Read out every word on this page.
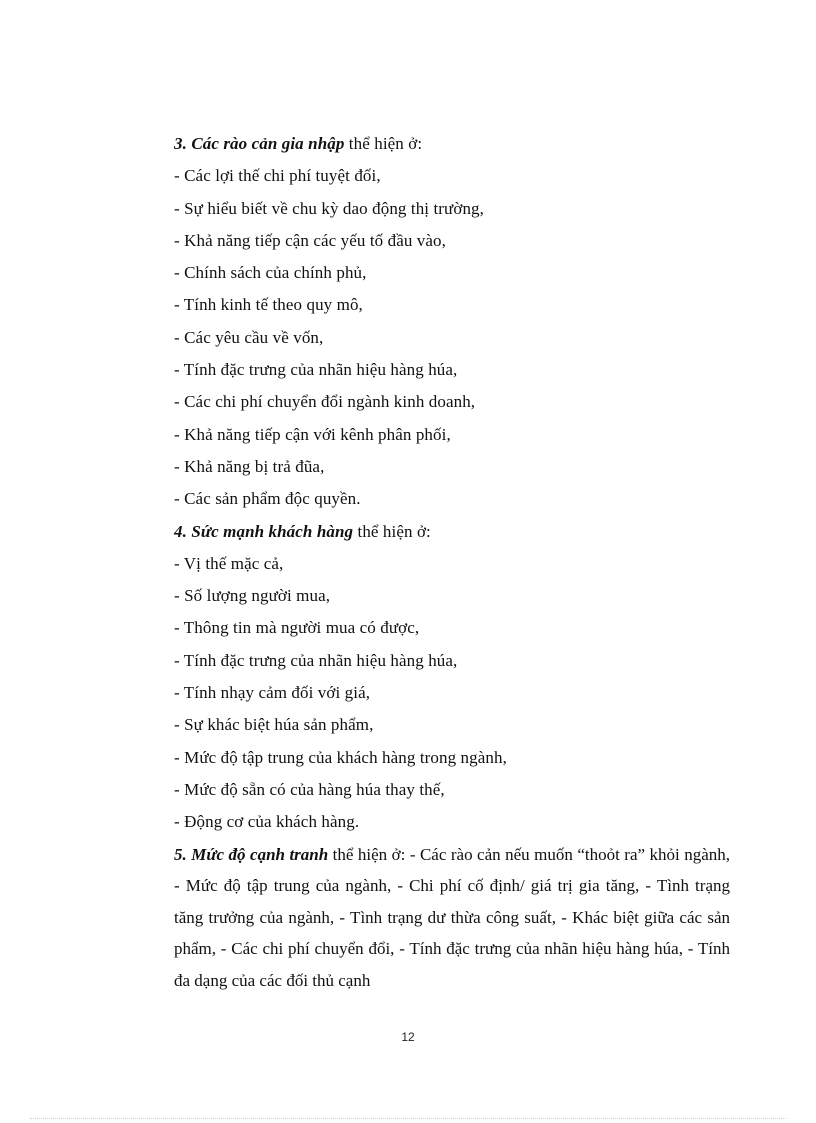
3. Các rào cản gia nhập thể hiện ở:
- Các lợi thế chi phí tuyệt đối,
- Sự hiểu biết về chu kỳ dao động thị trường,
- Khả năng tiếp cận các yếu tố đầu vào,
- Chính sách của chính phủ,
- Tính kinh tế theo quy mô,
- Các yêu cầu về vốn,
- Tính đặc trưng của nhãn hiệu hàng húa,
- Các chi phí chuyển đổi ngành kinh doanh,
- Khả năng tiếp cận với kênh phân phối,
- Khả năng bị trả đũa,
- Các sản phẩm độc quyền.
4. Sức mạnh khách hàng thể hiện ở:
- Vị thế mặc cả,
- Số lượng người mua,
- Thông tin mà người mua có được,
- Tính đặc trưng của nhãn hiệu hàng húa,
- Tính nhạy cảm đối với giá,
- Sự khác biệt húa sản phẩm,
- Mức độ tập trung của khách hàng trong ngành,
- Mức độ sẵn có của hàng húa thay thế,
- Động cơ của khách hàng.

5. Mức độ cạnh tranh thể hiện ở: - Các rào cản nếu muốn “thoỏt ra” khỏi ngành, - Mức độ tập trung của ngành, - Chi phí cố định/ giá trị gia tăng, - Tình trạng tăng trưởng của ngành, - Tình trạng dư thừa công suất, - Khác biệt giữa các sản phẩm, - Các chi phí chuyển đổi, - Tính đặc trưng của nhãn hiệu hàng húa, - Tính đa dạng của các đối thủ cạnh

12
